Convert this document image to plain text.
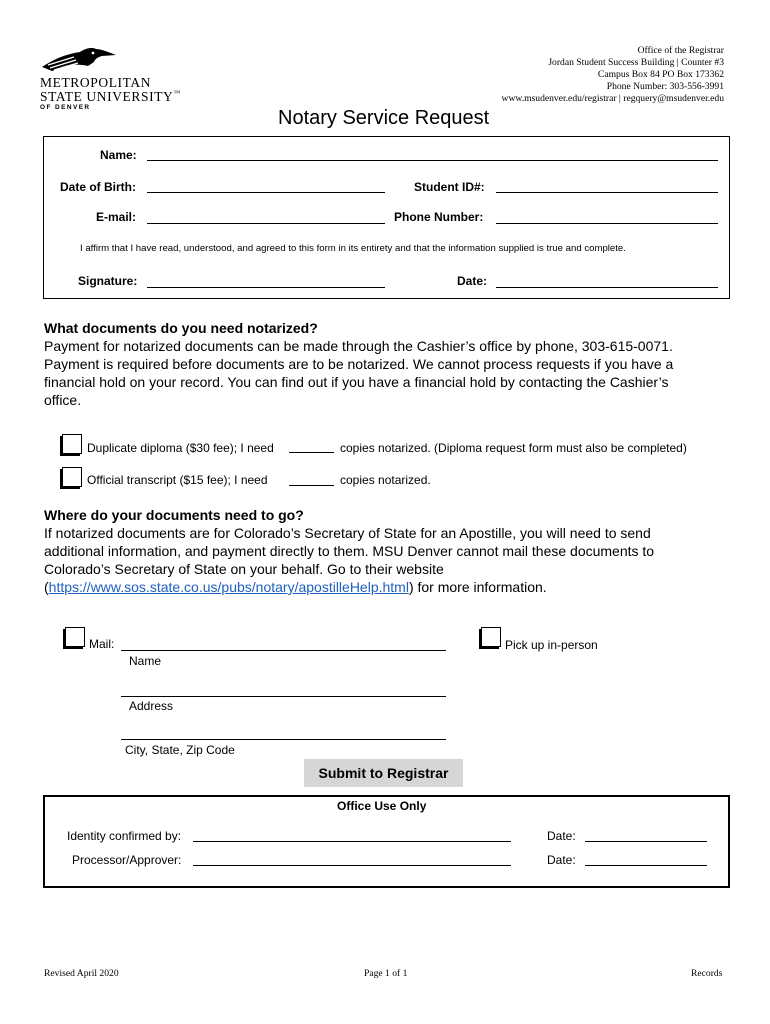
METROPOLITAN
STATE UNIVERSITY™
OF DENVER
Office of the Registrar
Jordan Student Success Building | Counter #3
Campus Box 84 PO Box 173362
Phone Number: 303-556-3991
www.msudenver.edu/registrar | regquery@msudenver.edu
Notary Service Request
Name:
Date of Birth:	Student ID#:
E-mail:	Phone Number:
I affirm that I have read, understood, and agreed to this form in its entirety and that the information supplied is true and complete.
Signature:	Date:
What documents do you need notarized?
Payment for notarized documents can be made through the Cashier’s office by phone, 303-615-0071.
Payment is required before documents are to be notarized. We cannot process requests if you have a
financial hold on your record. You can find out if you have a financial hold by contacting the Cashier’s
office.
Duplicate diploma ($30 fee); I need	copies notarized. (Diploma request form must also be completed)
Official transcript ($15 fee); I need	copies notarized.
Where do your documents need to go?
If notarized documents are for Colorado’s Secretary of State for an Apostille, you will need to send
additional information, and payment directly to them. MSU Denver cannot mail these documents to
Colorado’s Secretary of State on your behalf. Go to their website
(https://www.sos.state.co.us/pubs/notary/apostilleHelp.html) for more information.
Mail:
Name
Pick up in-person
Address
City, State, Zip Code
Submit to Registrar
Office Use Only
Identity confirmed by:	Date:
Processor/Approver:	Date:
Revised April 2020	Page 1 of 1	Records
